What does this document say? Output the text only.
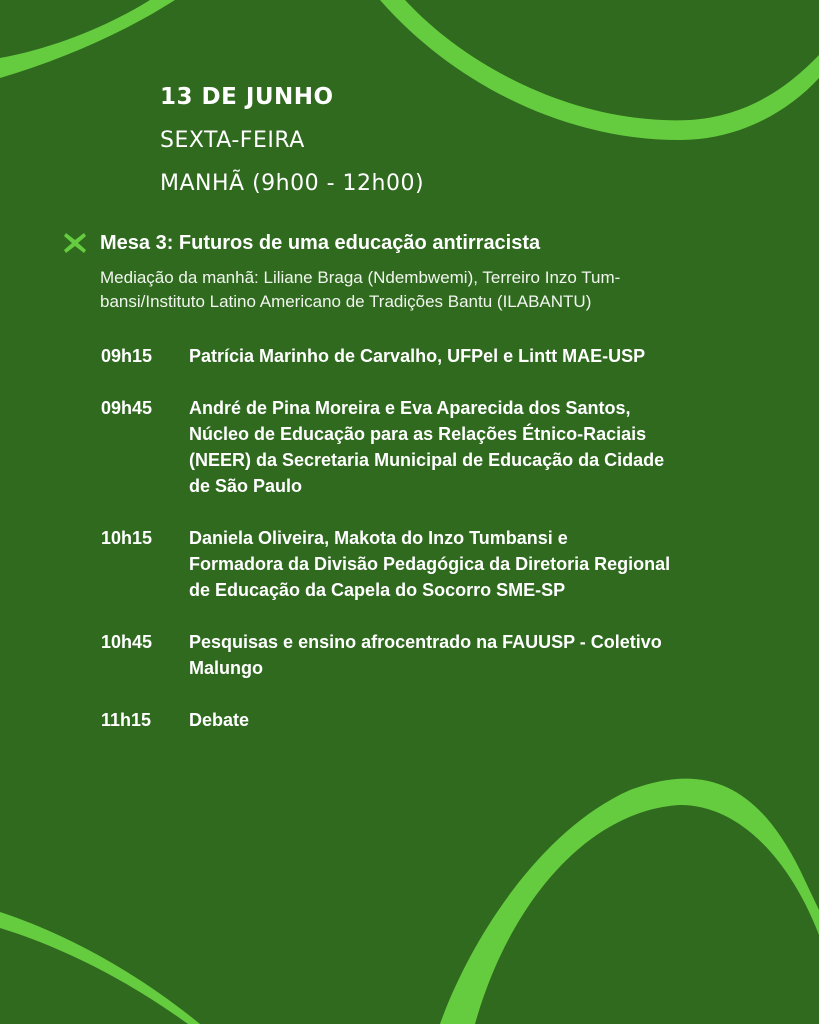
13 DE JUNHO
SEXTA-FEIRA
MANHÃ (9h00 - 12h00)
Mesa 3: Futuros de uma educação antirracista
Mediação da manhã: Liliane Braga (Ndembwemi), Terreiro Inzo Tum-
bansi/Instituto Latino Americano de Tradições Bantu (ILABANTU)
09h15	Patrícia Marinho de Carvalho, UFPel e Lintt MAE-USP
09h45	André de Pina Moreira e Eva Aparecida dos Santos,
Núcleo de Educação para as Relações Étnico-Raciais
(NEER) da Secretaria Municipal de Educação da Cidade
de São Paulo
10h15	Daniela Oliveira, Makota do Inzo Tumbansi e
Formadora da Divisão Pedagógica da Diretoria Regional
de Educação da Capela do Socorro SME-SP
10h45	Pesquisas e ensino afrocentrado na FAUUSP - Coletivo
Malungo
11h15	Debate
